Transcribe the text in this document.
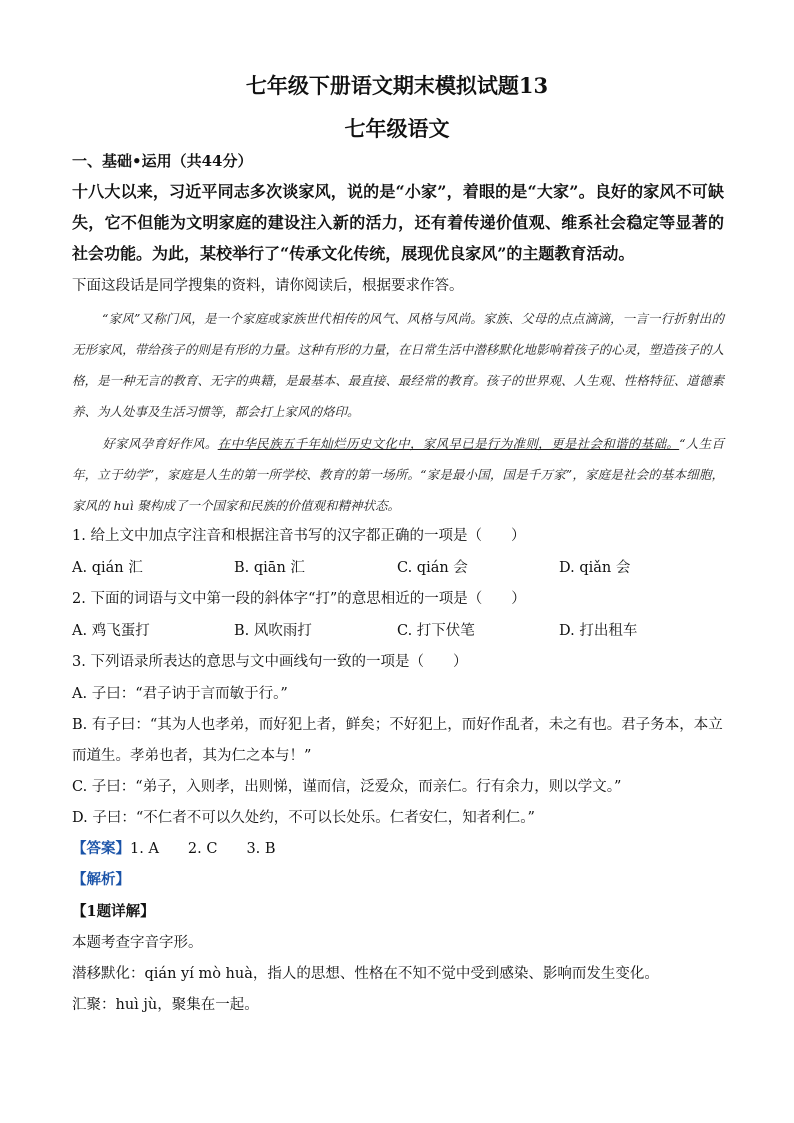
七年级下册语文期末模拟试题13
七年级语文
一、基础•运用（共44分）
十八大以来，习近平同志多次谈家风，说的是“小家”，着眼的是“大家”。良好的家风不可缺失，它不但能为文明家庭的建设注入新的活力，还有着传递价值观、维系社会稳定等显著的社会功能。为此，某校举行了“传承文化传统，展现优良家风”的主题教育活动。
下面这段话是同学搜集的资料，请你阅读后，根据要求作答。
“家风”又称门风，是一个家庭或家族世代相传的风气、风格与风尚。家族、父母的点点滴滴，一言一行折射出的无形家风，带给孩子的则是有形的力量。这种有形的力量，在日常生活中潜移默化地影响着孩子的心灵，塑造孩子的人格，是一种无言的教育、无字的典籍，是最基本、最直接、最经常的教育。孩子的世界观、人生观、性格特征、道德素养、为人处事及生活习惯等，都会打上家风的烙印。
好家风孕育好作风。在中华民族五千年灿烂历史文化中，家风早已是行为准则，更是社会和谐的基础。“人生百年，立于幼学”，家庭是人生的第一所学校、教育的第一场所。“家是最小国，国是千万家”，家庭是社会的基本细胞，家风的 huì 聚构成了一个国家和民族的价值观和精神状态。
1. 给上文中加点字注音和根据注音书写的汉字都正确的一项是（　　）
A. qián 汇	B. qiān 汇	C. qián 会	D. qiǎn 会
2. 下面的词语与文中第一段的斜体字“打”的意思相近的一项是（　　）
A. 鸡飞蛋打	B. 风吹雨打	C. 打下伏笔	D. 打出租车
3. 下列语录所表达的意思与文中画线句一致的一项是（　　）
A. 子曰：“君子讷于言而敏于行。”
B. 有子曰：“其为人也孝弟，而好犯上者，鲜矣；不好犯上，而好作乱者，未之有也。君子务本，本立
而道生。孝弟也者，其为仁之本与！”
C. 子曰：“弟子，入则孝，出则悌，谨而信，泛爱众，而亲仁。行有余力，则以学文。”
D. 子曰：“不仁者不可以久处约，不可以长处乐。仁者安仁，知者利仁。”
【答案】1. A　　2. C　　3. B
【解析】
【1题详解】
本题考查字音字形。
潜移默化：qián yí mò huà，指人的思想、性格在不知不觉中受到感染、影响而发生变化。
汇聚：huì jù，聚集在一起。
